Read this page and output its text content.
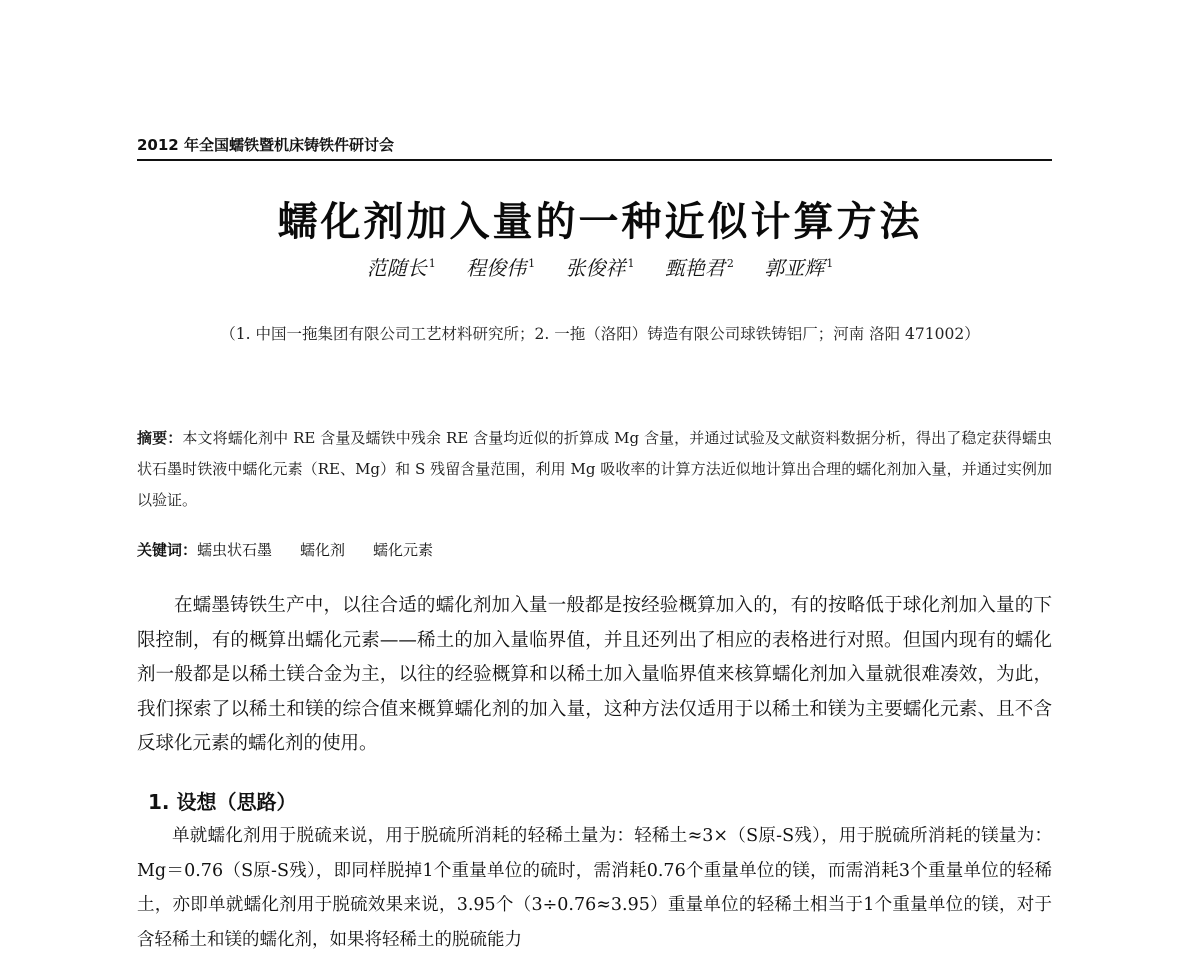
2012 年全国蠕铁暨机床铸铁件研讨会
蠕化剂加入量的一种近似计算方法
范随长 $^1$ 程俊伟 $^1$ 张俊祥 $^1$ 甄艳君 $^2$ 郭亚辉 $^1$
（1. 中国一拖集团有限公司工艺材料研究所；2. 一拖（洛阳）铸造有限公司球铁铸铝厂；河南 洛阳 471002）
摘要：本文将蠕化剂中 RE 含量及蠕铁中残余 RE 含量均近似的折算成 Mg 含量，并通过试验及文献资料数据分析，得出了稳定获得蠕虫状石墨时铁液中蠕化元素（RE、Mg）和 S 残留含量范围，利用 Mg 吸收率的计算方法近似地计算出合理的蠕化剂加入量，并通过实例加以验证。
关键词：蠕虫状石墨 蠕化剂 蠕化元素
在蠕墨铸铁生产中，以往合适的蠕化剂加入量一般都是按经验概算加入的，有的按略低于球化剂加入量的下限控制，有的概算出蠕化元素——稀土的加入量临界值，并且还列出了相应的表格进行对照。但国内现有的蠕化剂一般都是以稀土镁合金为主，以往的经验概算和以稀土加入量临界值来核算蠕化剂加入量就很难凑效，为此，我们探索了以稀土和镁的综合值来概算蠕化剂的加入量，这种方法仅适用于以稀土和镁为主要蠕化元素、且不含反球化元素的蠕化剂的使用。
1. 设想（思路）
单就蠕化剂用于脱硫来说，用于脱硫所消耗的轻稀土量为：轻稀土≈3×（S原-S残），用于脱硫所消耗的镁量为：Mg＝0.76（S原-S残），即同样脱掉1个重量单位的硫时，需消耗0.76个重量单位的镁，而需消耗3个重量单位的轻稀土，亦即单就蠕化剂用于脱硫效果来说，3.95个（3÷0.76≈3.95）重量单位的轻稀土相当于1个重量单位的镁，对于含轻稀土和镁的蠕化剂，如果将轻稀土的脱硫能力
